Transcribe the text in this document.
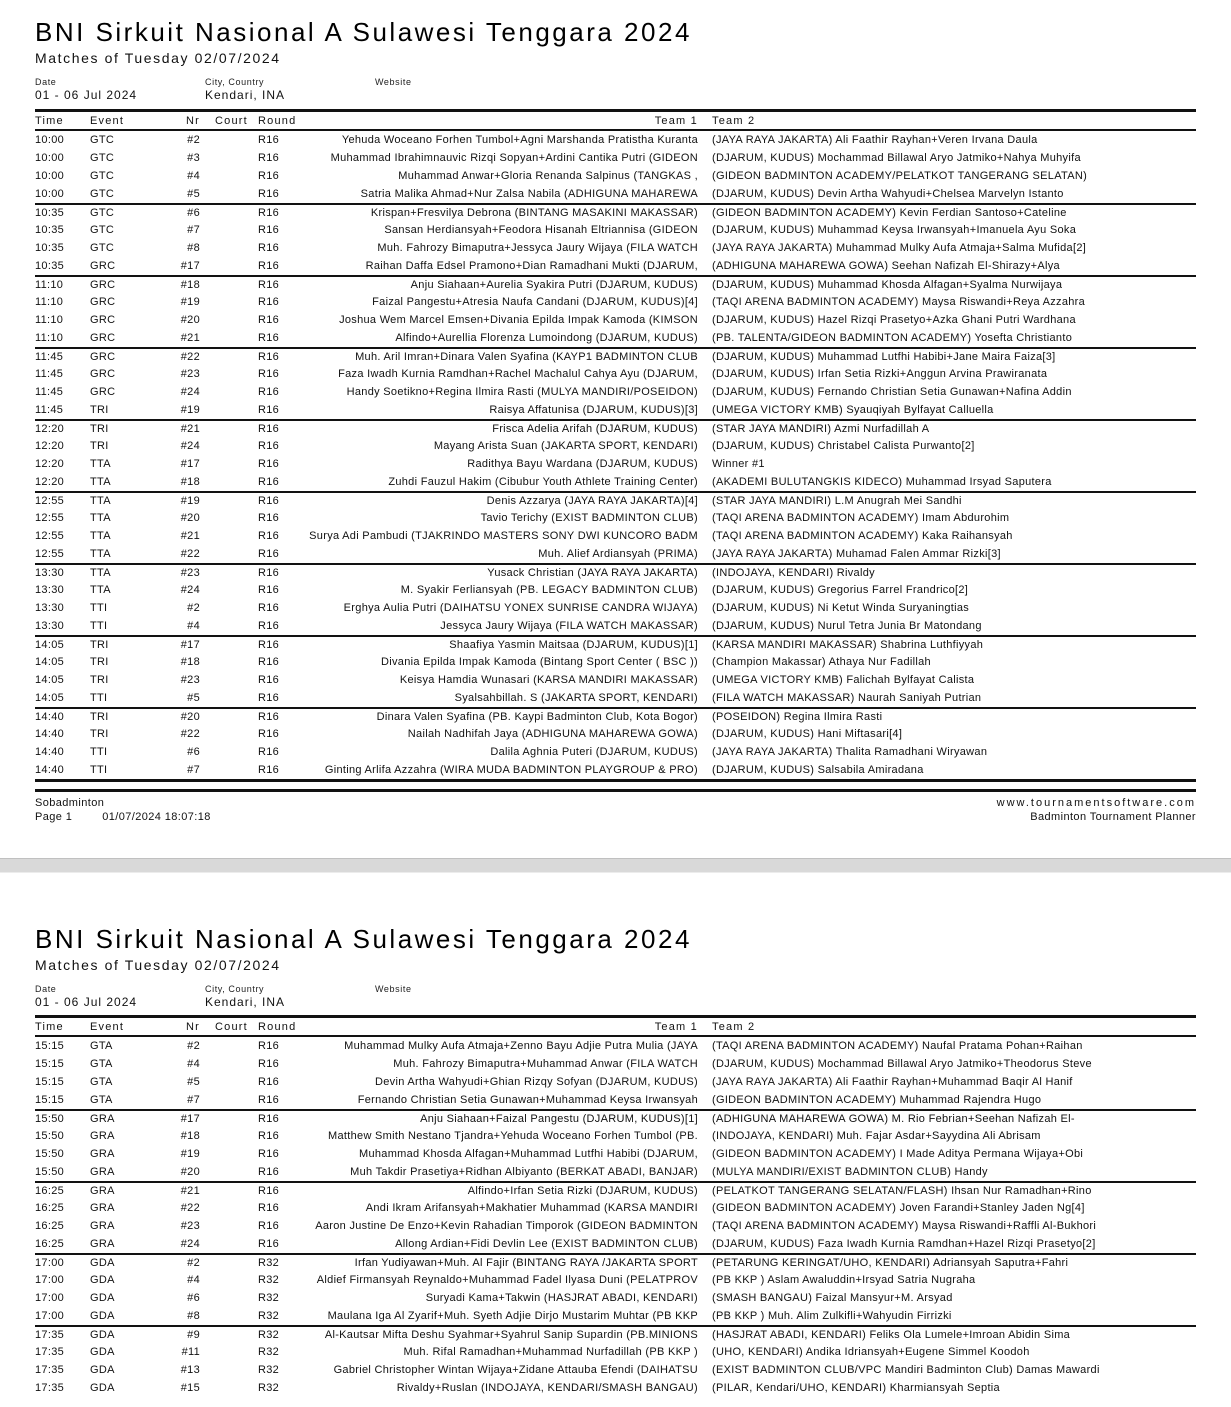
BNI Sirkuit Nasional A Sulawesi Tenggara 2024
Matches of Tuesday 02/07/2024
Date
01 - 06 Jul 2024
City, Country
Kendari, INA
Website
Time	Event	Nr	Court Round	Team 1	Team 2
10:00	GTC	#2	R16	Yehuda Woceano Forhen Tumbol+Agni Marshanda Pratistha Kuranta	(JAYA RAYA JAKARTA) Ali Faathir Rayhan+Veren Irvana Daula
10:00	GTC	#3	R16	Muhammad Ibrahimnauvic Rizqi Sopyan+Ardini Cantika Putri (GIDEON	(DJARUM, KUDUS) Mochammad Billawal Aryo Jatmiko+Nahya Muhyifa
10:00	GTC	#4	R16	Muhammad Anwar+Gloria Renanda Salpinus (TANGKAS ,	(GIDEON BADMINTON ACADEMY/PELATKOT TANGERANG SELATAN)
10:00	GTC	#5	R16	Satria Malika Ahmad+Nur Zalsa Nabila (ADHIGUNA MAHAREWA	(DJARUM, KUDUS) Devin Artha Wahyudi+Chelsea Marvelyn Istanto
10:35	GTC	#6	R16	Krispan+Fresvilya Debrona (BINTANG MASAKINI MAKASSAR)	(GIDEON BADMINTON ACADEMY) Kevin Ferdian Santoso+Cateline
10:35	GTC	#7	R16	Sansan Herdiansyah+Feodora Hisanah Eltriannisa (GIDEON	(DJARUM, KUDUS) Muhammad Keysa Irwansyah+Imanuela Ayu Soka
10:35	GTC	#8	R16	Muh. Fahrozy Bimaputra+Jessyca Jaury Wijaya (FILA WATCH	(JAYA RAYA JAKARTA) Muhammad Mulky Aufa Atmaja+Salma Mufida[2]
10:35	GRC	#17	R16	Raihan Daffa Edsel Pramono+Dian Ramadhani Mukti (DJARUM,	(ADHIGUNA MAHAREWA GOWA) Seehan Nafizah El-Shirazy+Alya
11:10	GRC	#18	R16	Anju Siahaan+Aurelia Syakira Putri (DJARUM, KUDUS)	(DJARUM, KUDUS) Muhammad Khosda Alfagan+Syalma Nurwijaya
11:10	GRC	#19	R16	Faizal Pangestu+Atresia Naufa Candani (DJARUM, KUDUS)[4]	(TAQI ARENA BADMINTON ACADEMY) Maysa Riswandi+Reya Azzahra
11:10	GRC	#20	R16	Joshua Wem Marcel Emsen+Divania Epilda Impak Kamoda (KIMSON	(DJARUM, KUDUS) Hazel Rizqi Prasetyo+Azka Ghani Putri Wardhana
11:10	GRC	#21	R16	Alfindo+Aurellia Florenza Lumoindong (DJARUM, KUDUS)	(PB. TALENTA/GIDEON BADMINTON ACADEMY) Yosefta Christianto
11:45	GRC	#22	R16	Muh. Aril Imran+Dinara Valen Syafina (KAYP1 BADMINTON CLUB	(DJARUM, KUDUS) Muhammad Lutfhi Habibi+Jane Maira Faiza[3]
11:45	GRC	#23	R16	Faza Iwadh Kurnia Ramdhan+Rachel Machalul Cahya Ayu (DJARUM,	(DJARUM, KUDUS) Irfan Setia Rizki+Anggun Arvina Prawiranata
11:45	GRC	#24	R16	Handy Soetikno+Regina Ilmira Rasti (MULYA MANDIRI/POSEIDON)	(DJARUM, KUDUS) Fernando Christian Setia Gunawan+Nafina Addin
11:45	TRI	#19	R16	Raisya Affatunisa (DJARUM, KUDUS)[3]	(UMEGA VICTORY KMB) Syauqiyah Bylfayat Calluella
12:20	TRI	#21	R16	Frisca Adelia Arifah (DJARUM, KUDUS)	(STAR JAYA MANDIRI) Azmi Nurfadillah A
12:20	TRI	#24	R16	Mayang Arista Suan (JAKARTA SPORT, KENDARI)	(DJARUM, KUDUS) Christabel Calista Purwanto[2]
12:20	TTA	#17	R16	Radithya Bayu Wardana (DJARUM, KUDUS)	Winner #1
12:20	TTA	#18	R16	Zuhdi Fauzul Hakim (Cibubur Youth Athlete Training Center)	(AKADEMI BULUTANGKIS KIDECO) Muhammad Irsyad Saputera
12:55	TTA	#19	R16	Denis Azzarya (JAYA RAYA JAKARTA)[4]	(STAR JAYA MANDIRI) L.M Anugrah Mei Sandhi
12:55	TTA	#20	R16	Tavio Terichy (EXIST BADMINTON CLUB)	(TAQI ARENA BADMINTON ACADEMY) Imam Abdurohim
12:55	TTA	#21	R16	Surya Adi Pambudi (TJAKRINDO MASTERS SONY DWI KUNCORO BADM	(TAQI ARENA BADMINTON ACADEMY) Kaka Raihansyah
12:55	TTA	#22	R16	Muh. Alief Ardiansyah (PRIMA)	(JAYA RAYA JAKARTA) Muhamad Falen Ammar Rizki[3]
13:30	TTA	#23	R16	Yusack Christian (JAYA RAYA JAKARTA)	(INDOJAYA, KENDARI) Rivaldy
13:30	TTA	#24	R16	M. Syakir Ferliansyah (PB. LEGACY BADMINTON CLUB)	(DJARUM, KUDUS) Gregorius Farrel Frandrico[2]
13:30	TTI	#2	R16	Erghya Aulia Putri (DAIHATSU YONEX SUNRISE CANDRA WIJAYA)	(DJARUM, KUDUS) Ni Ketut Winda Suryaningtias
13:30	TTI	#4	R16	Jessyca Jaury Wijaya (FILA WATCH MAKASSAR)	(DJARUM, KUDUS) Nurul Tetra Junia Br Matondang
14:05	TRI	#17	R16	Shaafiya Yasmin Maitsaa (DJARUM, KUDUS)[1]	(KARSA MANDIRI MAKASSAR) Shabrina Luthfiyyah
14:05	TRI	#18	R16	Divania Epilda Impak Kamoda (Bintang Sport Center ( BSC ))	(Champion Makassar) Athaya Nur Fadillah
14:05	TRI	#23	R16	Keisya Hamdia Wunasari (KARSA MANDIRI MAKASSAR)	(UMEGA VICTORY KMB) Falichah Bylfayat Calista
14:05	TTI	#5	R16	Syalsahbillah. S (JAKARTA SPORT, KENDARI)	(FILA WATCH MAKASSAR) Naurah Saniyah Putrian
14:40	TRI	#20	R16	Dinara Valen Syafina (PB. Kaypi Badminton Club, Kota Bogor)	(POSEIDON) Regina Ilmira Rasti
14:40	TRI	#22	R16	Nailah Nadhifah Jaya (ADHIGUNA MAHAREWA GOWA)	(DJARUM, KUDUS) Hani Miftasari[4]
14:40	TTI	#6	R16	Dalila Aghnia Puteri (DJARUM, KUDUS)	(JAYA RAYA JAKARTA) Thalita Ramadhani Wiryawan
14:40	TTI	#7	R16	Ginting Arlifa Azzahra (WIRA MUDA BADMINTON PLAYGROUP & PRO)	(DJARUM, KUDUS) Salsabila Amiradana
Sobadminton
Page 1	01/07/2024 18:07:18
www.tournamentsoftware.com
Badminton Tournament Planner
BNI Sirkuit Nasional A Sulawesi Tenggara 2024
Matches of Tuesday 02/07/2024
Date
01 - 06 Jul 2024
City, Country
Kendari, INA
Website
Time	Event	Nr	Court Round	Team 1	Team 2
15:15	GTA	#2	R16	Muhammad Mulky Aufa Atmaja+Zenno Bayu Adjie Putra Mulia (JAYA	(TAQI ARENA BADMINTON ACADEMY) Naufal Pratama Pohan+Raihan
15:15	GTA	#4	R16	Muh. Fahrozy Bimaputra+Muhammad Anwar (FILA WATCH	(DJARUM, KUDUS) Mochammad Billawal Aryo Jatmiko+Theodorus Steve
15:15	GTA	#5	R16	Devin Artha Wahyudi+Ghian Rizqy Sofyan (DJARUM, KUDUS)	(JAYA RAYA JAKARTA) Ali Faathir Rayhan+Muhammad Baqir Al Hanif
15:15	GTA	#7	R16	Fernando Christian Setia Gunawan+Muhammad Keysa Irwansyah	(GIDEON BADMINTON ACADEMY) Muhammad Rajendra Hugo
15:50	GRA	#17	R16	Anju Siahaan+Faizal Pangestu (DJARUM, KUDUS)[1]	(ADHIGUNA MAHAREWA GOWA) M. Rio Febrian+Seehan Nafizah El-
15:50	GRA	#18	R16	Matthew Smith Nestano Tjandra+Yehuda Woceano Forhen Tumbol (PB.	(INDOJAYA, KENDARI) Muh. Fajar Asdar+Sayydina Ali Abrisam
15:50	GRA	#19	R16	Muhammad Khosda Alfagan+Muhammad Lutfhi Habibi (DJARUM,	(GIDEON BADMINTON ACADEMY) I Made Aditya Permana Wijaya+Obi
15:50	GRA	#20	R16	Muh Takdir Prasetiya+Ridhan Albiyanto (BERKAT ABADI, BANJAR)	(MULYA MANDIRI/EXIST BADMINTON CLUB) Handy
16:25	GRA	#21	R16	Alfindo+Irfan Setia Rizki (DJARUM, KUDUS)	(PELATKOT TANGERANG SELATAN/FLASH) Ihsan Nur Ramadhan+Rino
16:25	GRA	#22	R16	Andi Ikram Arifansyah+Makhatier Muhammad (KARSA MANDIRI	(GIDEON BADMINTON ACADEMY) Joven Farandi+Stanley Jaden Ng[4]
16:25	GRA	#23	R16	Aaron Justine De Enzo+Kevin Rahadian Timporok (GIDEON BADMINTON	(TAQI ARENA BADMINTON ACADEMY) Maysa Riswandi+Raffli Al-Bukhori
16:25	GRA	#24	R16	Allong Ardian+Fidi Devlin Lee (EXIST BADMINTON CLUB)	(DJARUM, KUDUS) Faza Iwadh Kurnia Ramdhan+Hazel Rizqi Prasetyo[2]
17:00	GDA	#2	R32	Irfan Yudiyawan+Muh. Al Fajir (BINTANG RAYA /JAKARTA SPORT	(PETARUNG KERINGAT/UHO, KENDARI) Adriansyah Saputra+Fahri
17:00	GDA	#4	R32	Aldief Firmansyah Reynaldo+Muhammad Fadel Ilyasa Duni (PELATPROV	(PB KKP ) Aslam Awaluddin+Irsyad Satria Nugraha
17:00	GDA	#6	R32	Suryadi Kama+Takwin (HASJRAT ABADI, KENDARI)	(SMASH BANGAU) Faizal Mansyur+M. Arsyad
17:00	GDA	#8	R32	Maulana Iga Al Zyarif+Muh. Syeth Adjie Dirjo Mustarim Muhtar (PB KKP	(PB KKP ) Muh. Alim Zulkifli+Wahyudin Firrizki
17:35	GDA	#9	R32	Al-Kautsar Mifta Deshu Syahmar+Syahrul Sanip Supardin (PB.MINIONS	(HASJRAT ABADI, KENDARI) Feliks Ola Lumele+Imroan Abidin Sima
17:35	GDA	#11	R32	Muh. Rifal Ramadhan+Muhammad Nurfadillah (PB KKP )	(UHO, KENDARI) Andika Idriansyah+Eugene Simmel Koodoh
17:35	GDA	#13	R32	Gabriel Christopher Wintan Wijaya+Zidane Attauba Efendi (DAIHATSU	(EXIST BADMINTON CLUB/VPC Mandiri Badminton Club) Damas Mawardi
17:35	GDA	#15	R32	Rivaldy+Ruslan (INDOJAYA, KENDARI/SMASH BANGAU)	(PILAR, Kendari/UHO, KENDARI) Kharmiansyah Septia
